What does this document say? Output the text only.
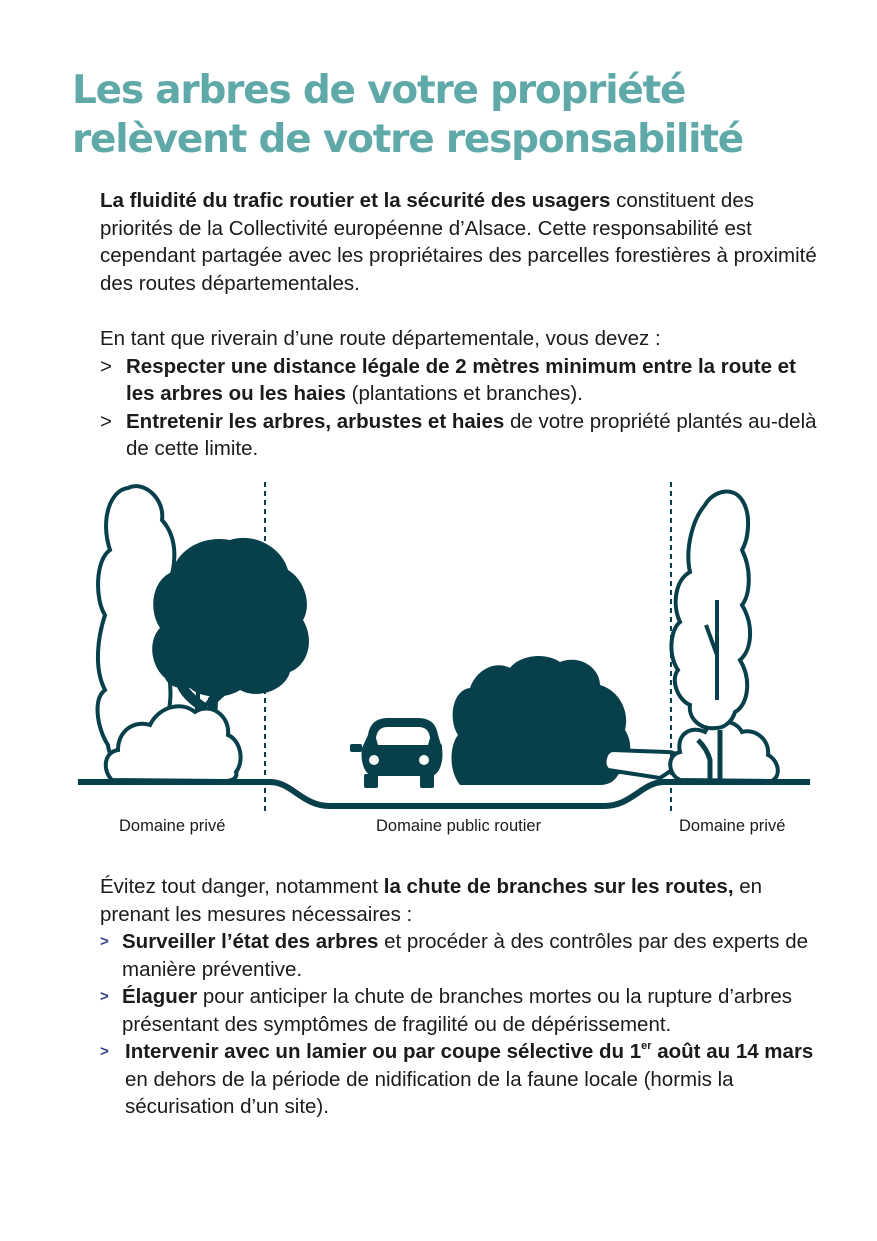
Les arbres de votre propriété
relèvent de votre responsabilité

La fluidité du trafic routier et la sécurité des usagers constituent des priorités de la Collectivité européenne d’Alsace. Cette responsabilité est cependant partagée avec les propriétaires des parcelles forestières à proximité des routes départementales.

En tant que riverain d’une route départementale, vous devez :

> Respecter une distance légale de 2 mètres minimum entre la route et les arbres ou les haies (plantations et branches).
> Entretenir les arbres, arbustes et haies de votre propriété plantés au-delà de cette limite.
Domaine privé	Domaine public routier	Domaine privé

Évitez tout danger, notamment la chute de branches sur les routes, en prenant les mesures nécessaires :

> Surveiller l’état des arbres et procéder à des contrôles par des experts de manière préventive.
> Élaguer pour anticiper la chute de branches mortes ou la rupture d’arbres présentant des symptômes de fragilité ou de dépérissement.
> Intervenir avec un lamier ou par coupe sélective du 1er août au 14 mars en dehors de la période de nidification de la faune locale (hormis la sécurisation d’un site).
